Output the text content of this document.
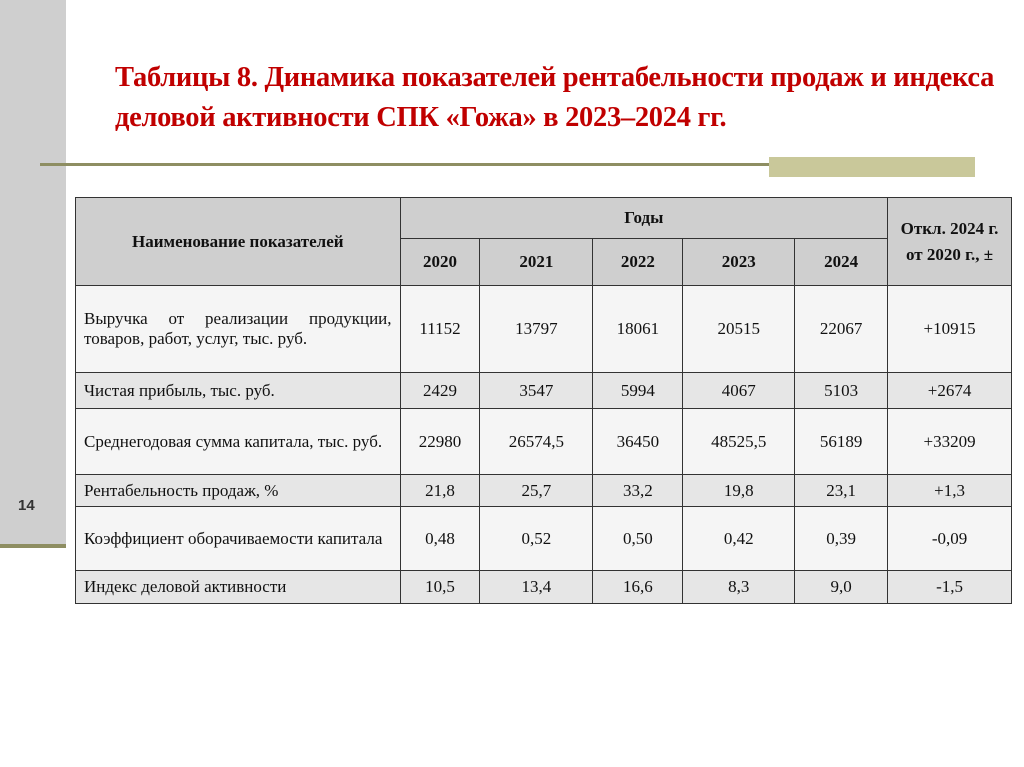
14
Таблицы 8. Динамика показателей рентабельности продаж и индекса деловой активности СПК «Гожа» в 2023–2024 гг.
Наименование показателей	Годы					Откл. 2024 г. от 2020 г., ±
	2020	2021	2022	2023	2024	
Выручка от реализации продукции, товаров, работ, услуг, тыс. руб.	11152	13797	18061	20515	22067	+10915
Чистая прибыль, тыс. руб.	2429	3547	5994	4067	5103	+2674
Среднегодовая сумма капитала, тыс. руб.	22980	26574,5	36450	48525,5	56189	+33209
Рентабельность продаж, %	21,8	25,7	33,2	19,8	23,1	+1,3
Коэффициент оборачиваемости капитала	0,48	0,52	0,50	0,42	0,39	-0,09
Индекс деловой активности	10,5	13,4	16,6	8,3	9,0	-1,5
